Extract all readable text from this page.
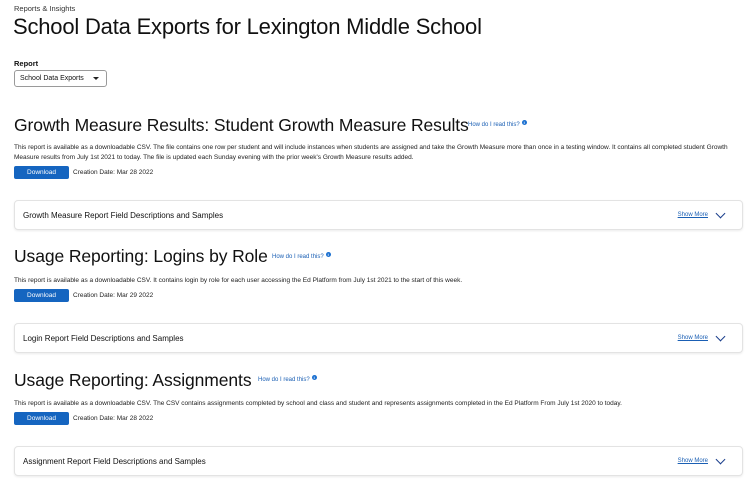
Reports & Insights
School Data Exports for Lexington Middle School
Report
School Data Exports
Growth Measure Results: Student Growth Measure Results How do I read this? i
This report is available as a downloadable CSV. The file contains one row per student and will include instances when students are assigned and take the Growth Measure more than once in a testing window. It contains all completed student Growth Measure results from July 1st 2021 to today. The file is updated each Sunday evening with the prior week's Growth Measure results added.
Download	Creation Date: Mar 28 2022
Growth Measure Report Field Descriptions and Samples	Show More
Usage Reporting: Logins by Role How do I read this? i
This report is available as a downloadable CSV. It contains login by role for each user accessing the Ed Platform from July 1st 2021 to the start of this week.
Download	Creation Date: Mar 29 2022
Login Report Field Descriptions and Samples	Show More
Usage Reporting: Assignments How do I read this? i
This report is available as a downloadable CSV. The CSV contains assignments completed by school and class and student and represents assignments completed in the Ed Platform From July 1st 2020 to today.
Download	Creation Date: Mar 28 2022
Assignment Report Field Descriptions and Samples	Show More
